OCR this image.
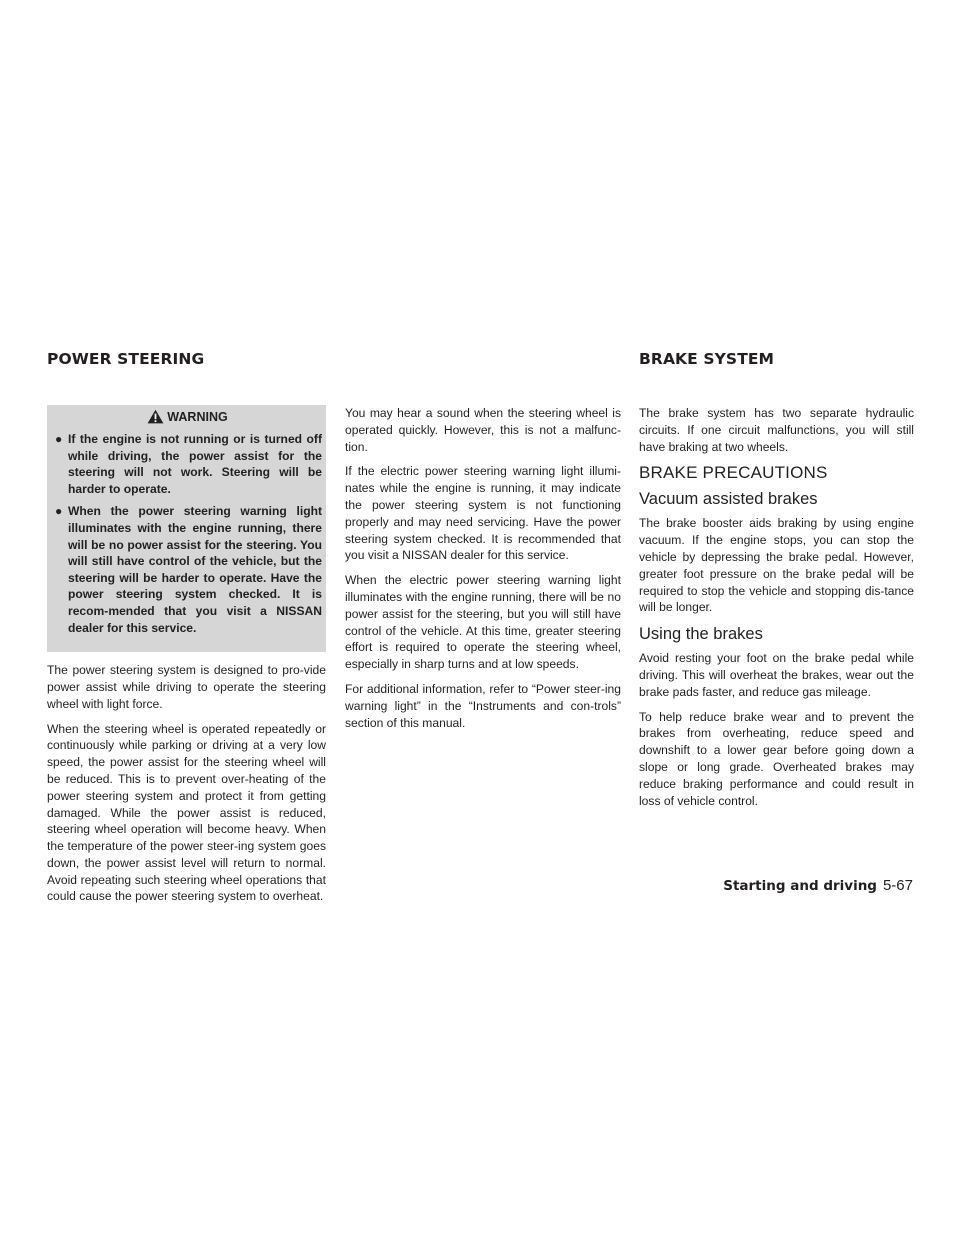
POWER STEERING	BRAKE SYSTEM
WARNING
● If the engine is not running or is turned off while driving, the power assist for the steering will not work. Steering will be harder to operate.
● When the power steering warning light illuminates with the engine running, there will be no power assist for the steering. You will still have control of the vehicle, but the steering will be harder to operate. Have the power steering system checked. It is recom-mended that you visit a NISSAN dealer for this service.

The power steering system is designed to pro-vide power assist while driving to operate the steering wheel with light force.

When the steering wheel is operated repeatedly or continuously while parking or driving at a very low speed, the power assist for the steering wheel will be reduced. This is to prevent over-heating of the power steering system and protect it from getting damaged. While the power assist is reduced, steering wheel operation will become heavy. When the temperature of the power steer-ing system goes down, the power assist level will return to normal. Avoid repeating such steering wheel operations that could cause the power steering system to overheat.

You may hear a sound when the steering wheel is operated quickly. However, this is not a malfunc-tion.

If the electric power steering warning light illumi-nates while the engine is running, it may indicate the power steering system is not functioning properly and may need servicing. Have the power steering system checked. It is recommended that you visit a NISSAN dealer for this service.

When the electric power steering warning light illuminates with the engine running, there will be no power assist for the steering, but you will still have control of the vehicle. At this time, greater steering effort is required to operate the steering wheel, especially in sharp turns and at low speeds.

For additional information, refer to “Power steer-ing warning light” in the “Instruments and con-trols” section of this manual.

The brake system has two separate hydraulic circuits. If one circuit malfunctions, you will still have braking at two wheels.

BRAKE PRECAUTIONS
Vacuum assisted brakes

The brake booster aids braking by using engine vacuum. If the engine stops, you can stop the vehicle by depressing the brake pedal. However, greater foot pressure on the brake pedal will be required to stop the vehicle and stopping dis-tance will be longer.

Using the brakes

Avoid resting your foot on the brake pedal while driving. This will overheat the brakes, wear out the brake pads faster, and reduce gas mileage.

To help reduce brake wear and to prevent the brakes from overheating, reduce speed and downshift to a lower gear before going down a slope or long grade. Overheated brakes may reduce braking performance and could result in loss of vehicle control.

Starting and driving 5-67
